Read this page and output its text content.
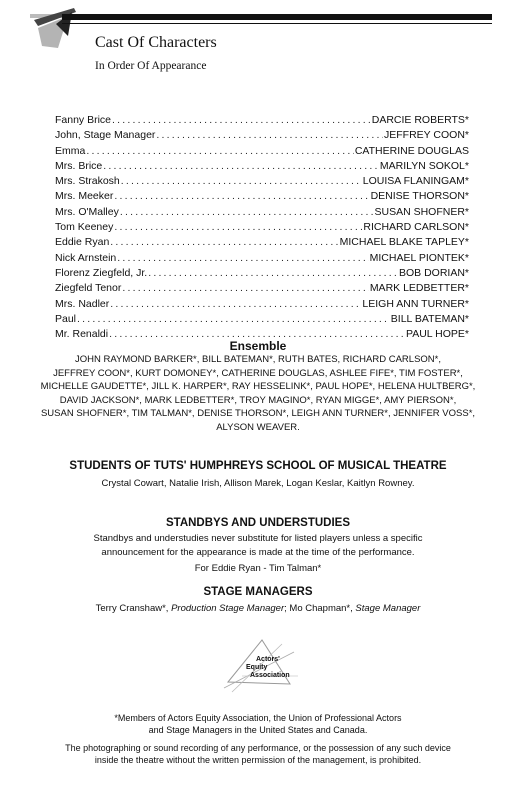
Cast Of Characters
In Order Of Appearance
Fanny Brice .....	DARCIE ROBERTS*
John, Stage Manager .....	JEFFREY COON*
Emma .....	CATHERINE DOUGLAS
Mrs. Brice .....	MARILYN SOKOL*
Mrs. Strakosh .....	LOUISA FLANINGAM*
Mrs. Meeker .....	DENISE THORSON*
Mrs. O'Malley .....	SUSAN SHOFNER*
Tom Keeney .....	RICHARD CARLSON*
Eddie Ryan .....	MICHAEL BLAKE TAPLEY*
Nick Arnstein .....	MICHAEL PIONTEK*
Florenz Ziegfeld, Jr. .....	BOB DORIAN*
Ziegfeld Tenor .....	MARK LEDBETTER*
Mrs. Nadler .....	LEIGH ANN TURNER*
Paul .....	BILL BATEMAN*
Mr. Renaldi .....	PAUL HOPE*
Ensemble
JOHN RAYMOND BARKER*, BILL BATEMAN*, RUTH BATES, RICHARD CARLSON*,
JEFFREY COON*, KURT DOMONEY*, CATHERINE DOUGLAS, ASHLEE FIFE*, TIM FOSTER*,
MICHELLE GAUDETTE*, JILL K. HARPER*, RAY HESSELINK*, PAUL HOPE*, HELENA HULTBERG*,
DAVID JACKSON*, MARK LEDBETTER*, TROY MAGINO*, RYAN MIGGE*, AMY PIERSON*,
SUSAN SHOFNER*, TIM TALMAN*, DENISE THORSON*, LEIGH ANN TURNER*, JENNIFER VOSS*,
ALYSON WEAVER.
STUDENTS OF TUTS' HUMPHREYS SCHOOL OF MUSICAL THEATRE
Crystal Cowart, Natalie Irish, Allison Marek, Logan Keslar, Kaitlyn Rowney.
STANDBYS AND UNDERSTUDIES
Standbys and understudies never substitute for listed players unless a specific
announcement for the appearance is made at the time of the performance.
For Eddie Ryan - Tim Talman*
STAGE MANAGERS
Terry Cranshaw*, Production Stage Manager; Mo Chapman*, Stage Manager
Actors'
Equity
Association
*Members of Actors Equity Association, the Union of Professional Actors
and Stage Managers in the United States and Canada.
The photographing or sound recording of any performance, or the possession of any such device
inside the theatre without the written permission of the management, is prohibited.
